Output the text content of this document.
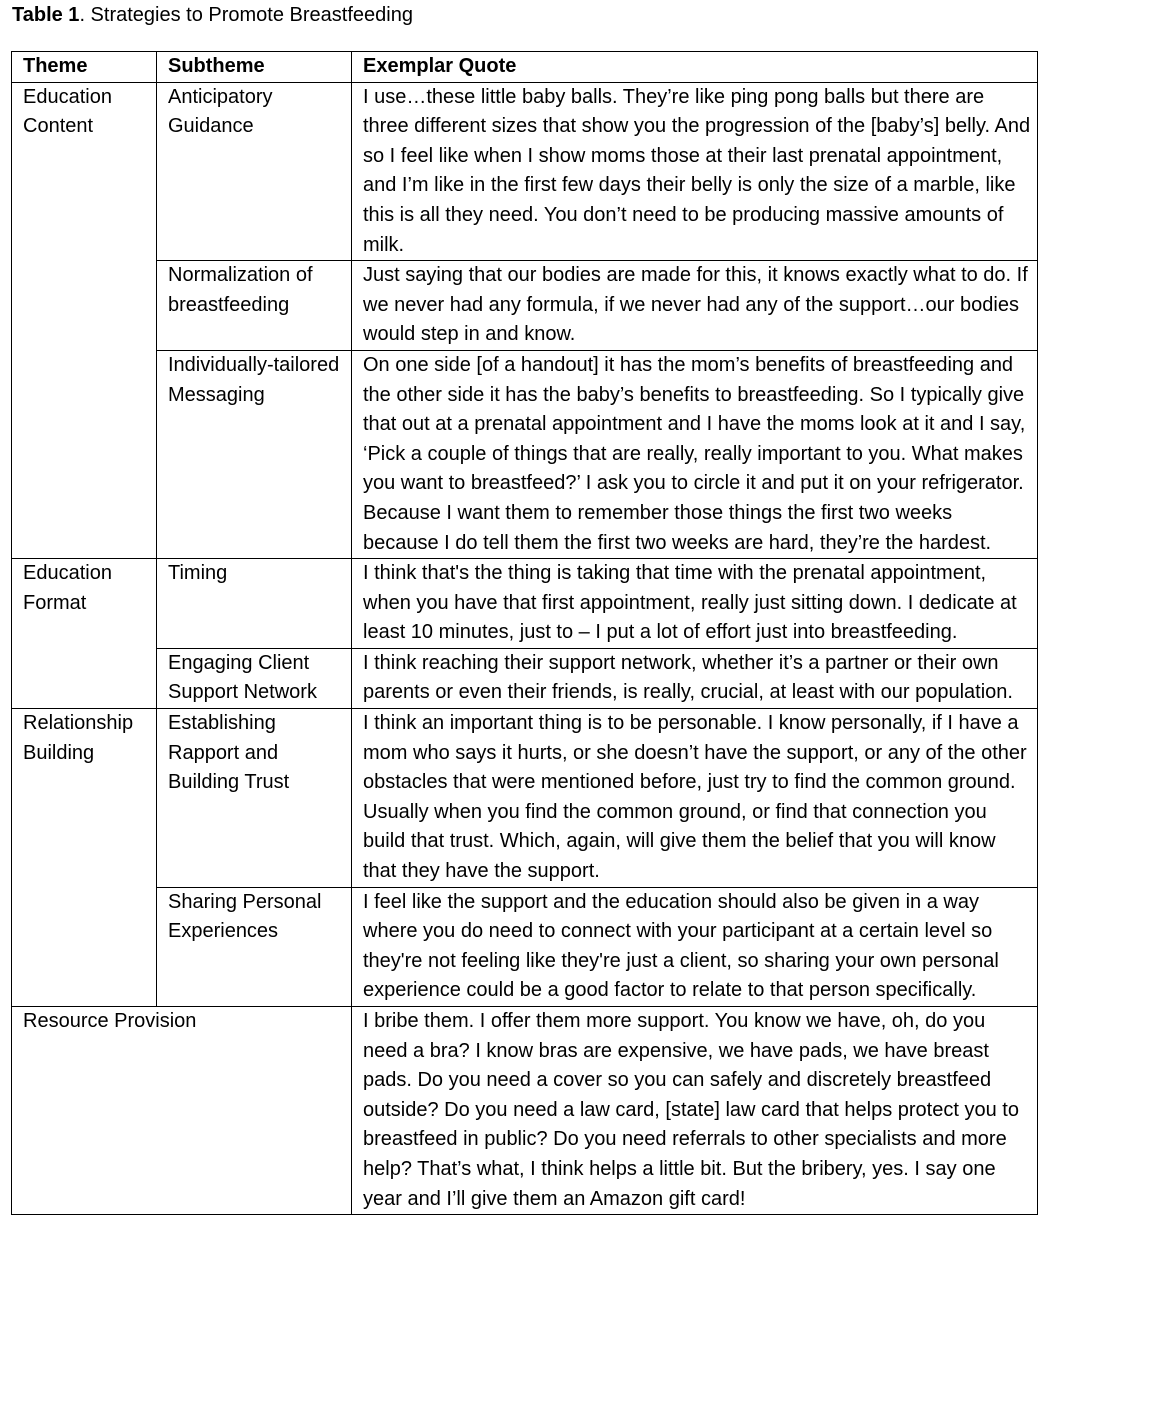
Table 1. Strategies to Promote Breastfeeding
Theme	Subtheme	Exemplar Quote
Education Content	Anticipatory Guidance	I use…these little baby balls. They’re like ping pong balls but there are three different sizes that show you the progression of the [baby’s] belly. And so I feel like when I show moms those at their last prenatal appointment, and I’m like in the first few days their belly is only the size of a marble, like this is all they need. You don’t need to be producing massive amounts of milk.
	Normalization of breastfeeding	Just saying that our bodies are made for this, it knows exactly what to do. If we never had any formula, if we never had any of the support…our bodies would step in and know.
	Individually-tailored Messaging	On one side [of a handout] it has the mom’s benefits of breastfeeding and the other side it has the baby’s benefits to breastfeeding. So I typically give that out at a prenatal appointment and I have the moms look at it and I say, ‘Pick a couple of things that are really, really important to you. What makes you want to breastfeed?’ I ask you to circle it and put it on your refrigerator. Because I want them to remember those things the first two weeks because I do tell them the first two weeks are hard, they’re the hardest.
Education Format	Timing	I think that's the thing is taking that time with the prenatal appointment, when you have that first appointment, really just sitting down. I dedicate at least 10 minutes, just to – I put a lot of effort just into breastfeeding.
	Engaging Client Support Network	I think reaching their support network, whether it’s a partner or their own parents or even their friends, is really, crucial, at least with our population.
Relationship Building	Establishing Rapport and Building Trust	I think an important thing is to be personable. I know personally, if I have a mom who says it hurts, or she doesn’t have the support, or any of the other obstacles that were mentioned before, just try to find the common ground. Usually when you find the common ground, or find that connection you build that trust. Which, again, will give them the belief that you will know that they have the support.
	Sharing Personal Experiences	I feel like the support and the education should also be given in a way where you do need to connect with your participant at a certain level so they're not feeling like they're just a client, so sharing your own personal experience could be a good factor to relate to that person specifically.
Resource Provision		I bribe them. I offer them more support. You know we have, oh, do you need a bra? I know bras are expensive, we have pads, we have breast pads. Do you need a cover so you can safely and discretely breastfeed outside? Do you need a law card, [state] law card that helps protect you to breastfeed in public? Do you need referrals to other specialists and more help? That’s what, I think helps a little bit. But the bribery, yes. I say one year and I’ll give them an Amazon gift card!
